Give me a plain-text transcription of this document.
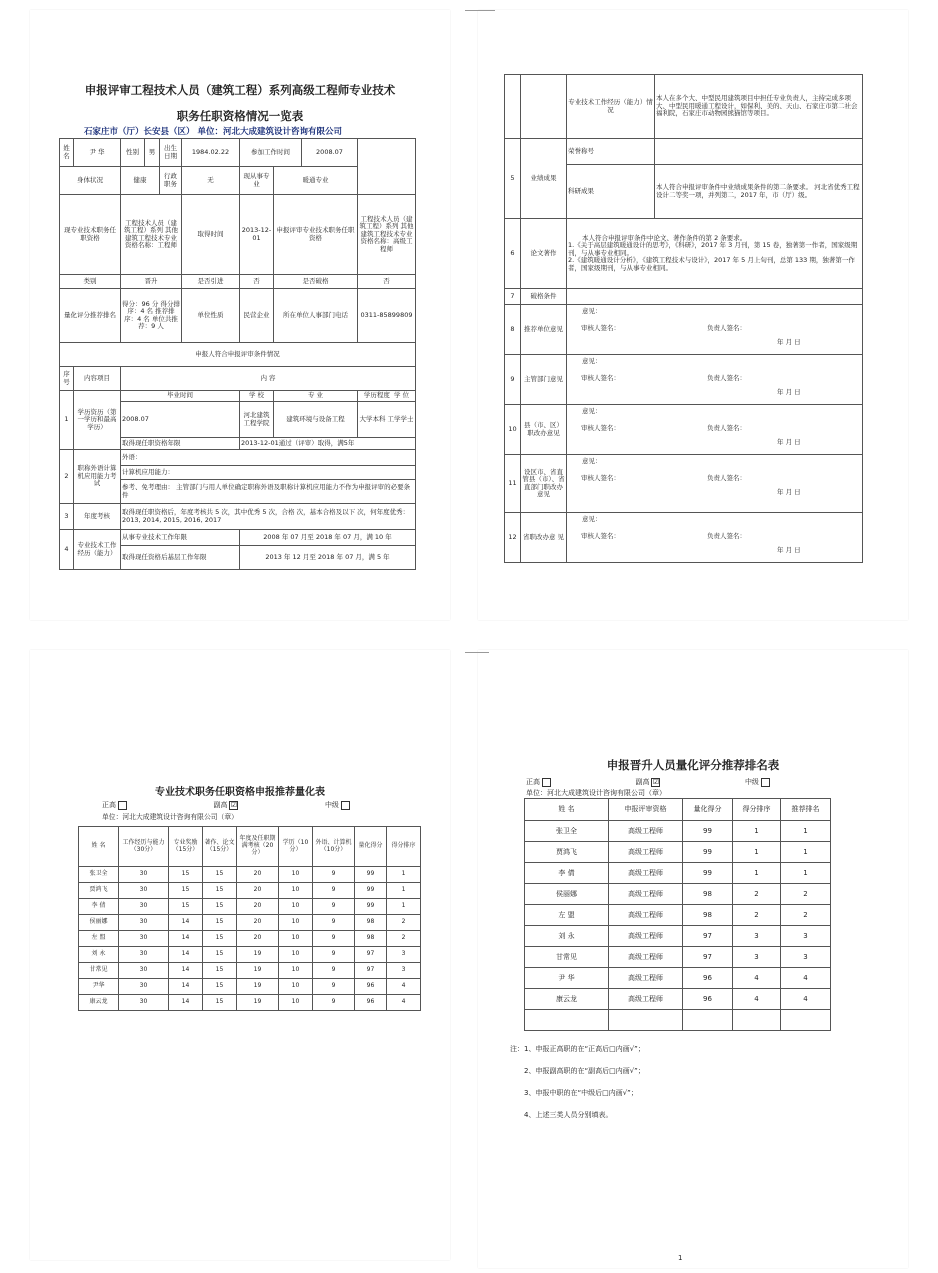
申报评审工程技术人员（建筑工程）系列高级工程师专业技术
职务任职资格情况一览表
石家庄市（厅）长安县（区） 单位：河北大成建筑设计咨询有限公司
姓名	尹 华	性别	男	出生日期	1984.02.22	参加工作时间		2008.07	

身体状况		健康		行政职务	无	现从事专业	暖通专业		
现专业技术职务任职资格		工程技术人员（建筑工程）系列 其他建筑工程技术专业 资格名称：工程师			取得时间	2013-12-01	申报评审专业技术职务任职资格		工程技术人员（建筑工程）系列 其他建筑工程技术专业 资格名称：高级工程师
类别		晋升			是否引进	否	是否破格		否
量化评分推荐排名		得分：96 分 得分排序：4 名 推荐排序：4 名 单位共推荐：9 人			单位性质	民营企业	所在单位人事部门电话		0311-85899809
申报人符合申报评审条件情况									
序号	内容项目	内 容							
1	学历资历（第一学历和最高学历）	毕业时间				学 校	专 业		学历程度 学 位
		2008.07				河北建筑工程学院	建筑环境与设备工程		大学本科 工学学士
		取得现任职资格年限				2013-12-01通过（评审）取得，满5年			
2	职称外语计算机应用能力考试	外语：							
		计算机应用能力：							
		参考、免考理由： 主管部门与用人单位确定职称外语及职称计算机应用能力不作为申报评审的必要条件							
3	年度考核	取得现任职资格后，年度考核共 5 次，其中优秀 5 次，合格 次，基本合格及以下 次，何年度优秀： 2013, 2014, 2015, 2016, 2017							
4	专业技术工作经历（能力）	从事专业技术工作年限				2008 年 07 月至 2018 年 07 月，满 10 年			
		取得现任资格后基层工作年限				2013 年 12 月至 2018 年 07 月，满 5 年			
		专业技术工作经历（能力）情况	本人在多个大、中型民用建筑项目中担任专业负责人，主持完成多项大、中型民用暖通工程设计，如保利、美的、天山、石家庄市第二社会福利院，石家庄市动物园熊猫馆等项目。
5	业绩成果	荣誉称号	
		科研成果	本人符合申报评审条件中业绩成果条件的第二条要求。 河北省优秀工程设计二等奖一项，并列第二，2017 年，市（厅）级。
6	论文著作	本人符合申报评审条件中论文、著作条件的第 2 条要求。
1.《关于高层建筑暖通设计的思考》，《科研》，2017 年 3 月刊，第 15 卷，独著第一作者，国家级期刊，与从事专业相同。
2.《建筑暖通设计分析》，《建筑工程技术与设计》，2017 年 5 月上旬刊，总第 133 期，独著第一作者，国家级期刊，与从事专业相同。	

7	破格条件		
8	推荐单位意见	意见：
审核人签名： 负责人签名：
年 月 日	

9	主管部门意见	意见：
审核人签名： 负责人签名：
年 月 日	

10	县（市、区）职改办意见	意见：
审核人签名： 负责人签名：
年 月 日	

11	设区市、省直管县（市）、省直部门职改办意见	意见：
审核人签名： 负责人签名：
年 月 日	

12	省职改办意 见	意见：
审核人签名： 负责人签名：
年 月 日	
专业技术职务任职资格申报推荐量化表
正高	副高 ☑	中级
单位：河北大成建筑设计咨询有限公司（章）
姓 名	工作经历与能力（30分）	专业奖励（15分）	著作、论文（15分）	年度及任职期满考核（20分）	学历（10分）	外语、计算机（10分）	量化得分	得分排序
张卫全	30	15	15	20	10	9	99	1
贾鸿飞	30	15	15	20	10	9	99	1
李 倩	30	15	15	20	10	9	99	1
侯丽娜	30	14	15	20	10	9	98	2
左 盟	30	14	15	20	10	9	98	2
刘 永	30	14	15	19	10	9	97	3
甘常见	30	14	15	19	10	9	97	3
尹华	30	14	15	19	10	9	96	4
康云龙	30	14	15	19	10	9	96	4
申报晋升人员量化评分推荐排名表
正高	副高 ☑	中级
单位：河北大成建筑设计咨询有限公司（章）
姓 名	申报评审资格	量化得分	得分排序	推荐排名
张卫全	高级工程师	99	1	1
贾鸿飞	高级工程师	99	1	1
李 倩	高级工程师	99	1	1
侯丽娜	高级工程师	98	2	2
左 盟	高级工程师	98	2	2
刘 永	高级工程师	97	3	3
甘常见	高级工程师	97	3	3
尹 华	高级工程师	96	4	4
康云龙	高级工程师	96	4	4

注：1、申报正高职的在“正高后□内画√”；
2、申报副高职的在“副高后□内画√”；
3、申报中职的在“中级后□内画√”；
4、上述三类人员分别填表。
1
